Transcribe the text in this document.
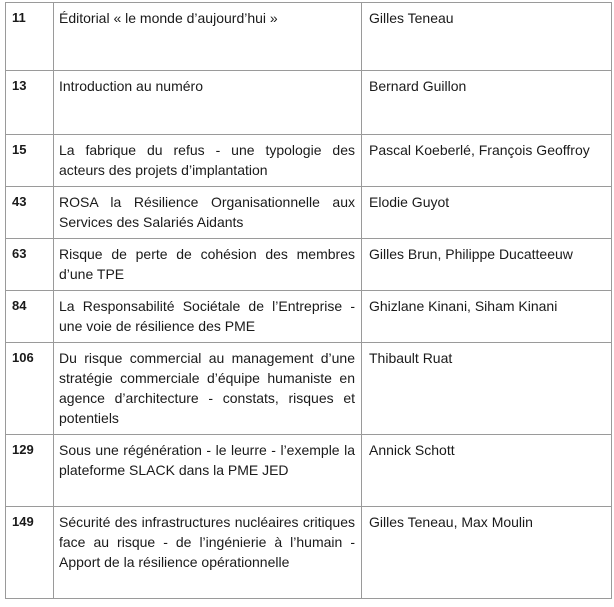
11	Éditorial « le monde d’aujourd’hui »	Gilles Teneau
13	Introduction au numéro	Bernard Guillon
15	La fabrique du refus - une typologie des acteurs des projets d’implantation	Pascal Koeberlé, François Geoffroy
43	ROSA la Résilience Organisationnelle aux Services des Salariés Aidants	Elodie Guyot
63	Risque de perte de cohésion des membres d’une TPE	Gilles Brun, Philippe Ducatteeuw
84	La Responsabilité Sociétale de l’Entreprise - une voie de résilience des PME	Ghizlane Kinani, Siham Kinani
106	Du risque commercial au management d’une stratégie commerciale d’équipe humaniste en agence d’architecture - constats, risques et potentiels	Thibault Ruat
129	Sous une régénération - le leurre - l’exemple la plateforme SLACK dans la PME JED	Annick Schott
149	Sécurité des infrastructures nucléaires critiques face au risque - de l’ingénierie à l’humain - Apport de la résilience opérationnelle	Gilles Teneau, Max Moulin
